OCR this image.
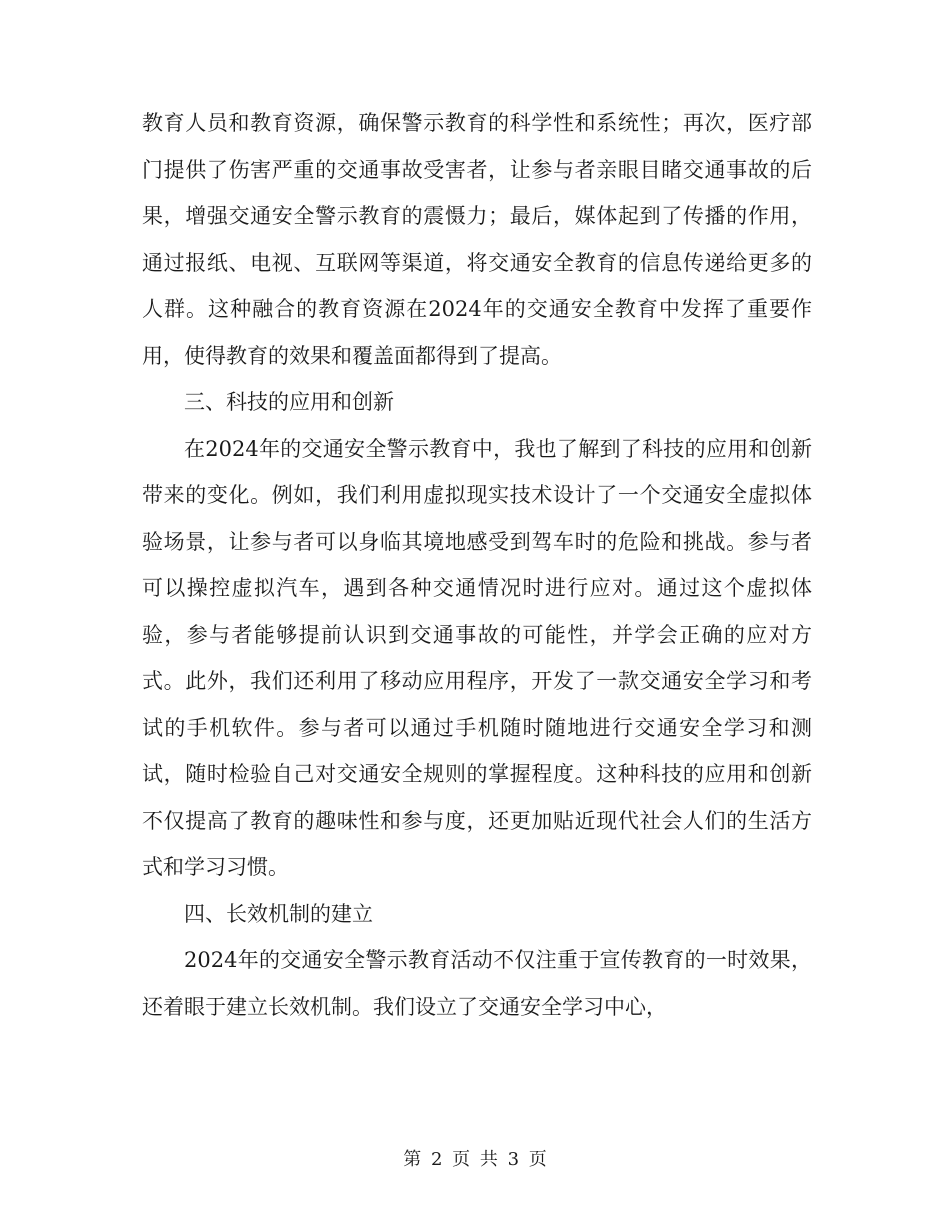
教育人员和教育资源，确保警示教育的科学性和系统性；再次，医疗部门提供了伤害严重的交通事故受害者，让参与者亲眼目睹交通事故的后果，增强交通安全警示教育的震慑力；最后，媒体起到了传播的作用，通过报纸、电视、互联网等渠道，将交通安全教育的信息传递给更多的人群。这种融合的教育资源在2024年的交通安全教育中发挥了重要作用，使得教育的效果和覆盖面都得到了提高。

三、科技的应用和创新

在2024年的交通安全警示教育中，我也了解到了科技的应用和创新带来的变化。例如，我们利用虚拟现实技术设计了一个交通安全虚拟体验场景，让参与者可以身临其境地感受到驾车时的危险和挑战。参与者可以操控虚拟汽车，遇到各种交通情况时进行应对。通过这个虚拟体验，参与者能够提前认识到交通事故的可能性，并学会正确的应对方式。此外，我们还利用了移动应用程序，开发了一款交通安全学习和考试的手机软件。参与者可以通过手机随时随地进行交通安全学习和测试，随时检验自己对交通安全规则的掌握程度。这种科技的应用和创新不仅提高了教育的趣味性和参与度，还更加贴近现代社会人们的生活方式和学习习惯。

四、长效机制的建立

2024年的交通安全警示教育活动不仅注重于宣传教育的一时效果，还着眼于建立长效机制。我们设立了交通安全学习中心，

第 2 页 共 3 页
